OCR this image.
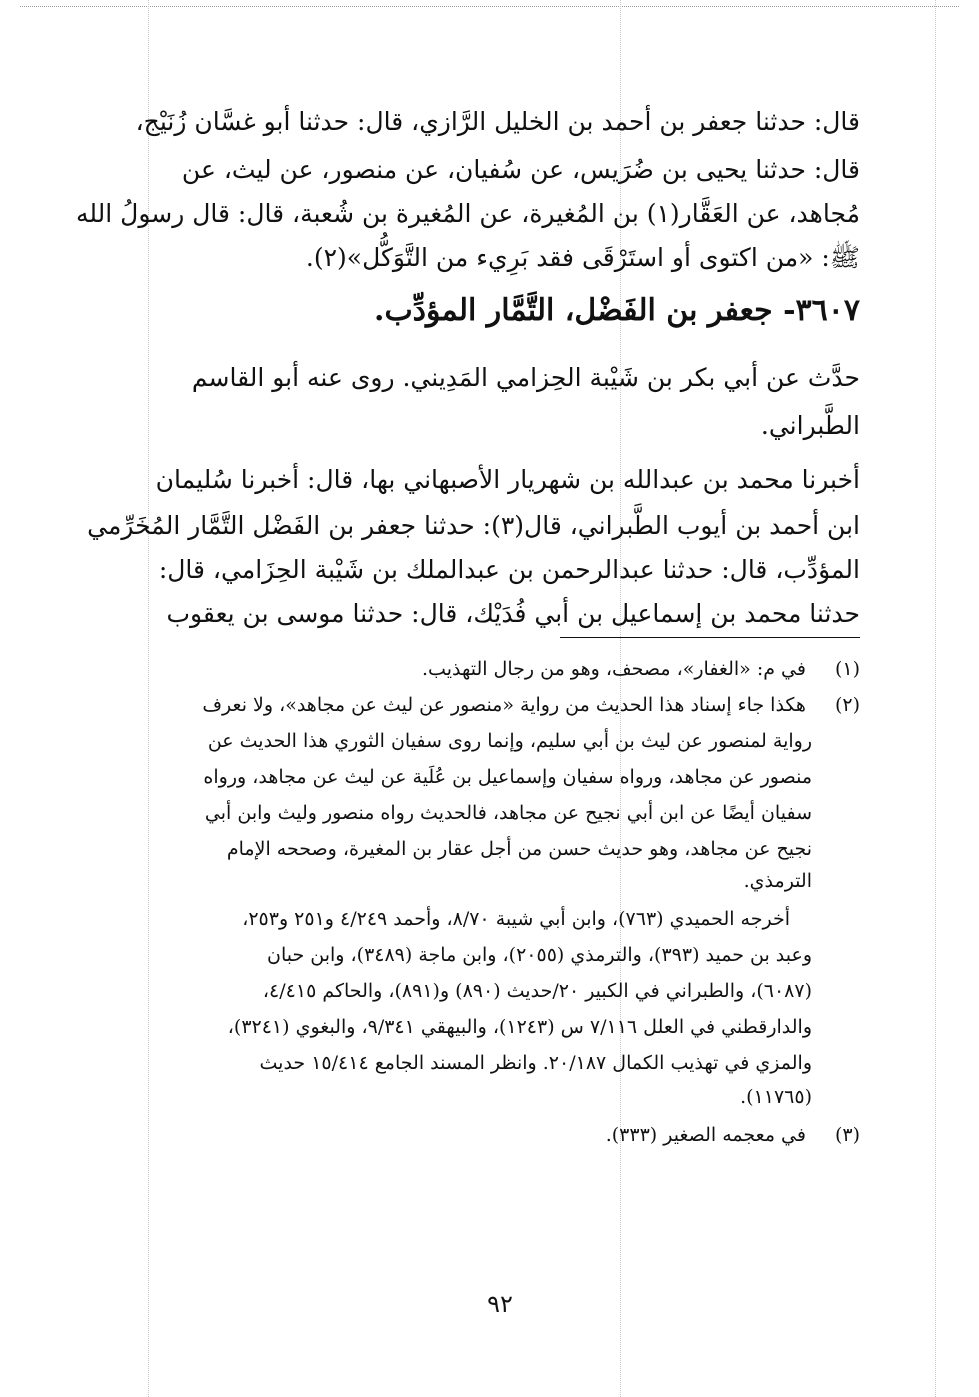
قال: حدثنا جعفر بن أحمد بن الخليل الرَّازي، قال: حدثنا أبو غسَّان زُنَيْج،
قال: حدثنا يحيى بن ضُرَيس، عن سُفيان، عن منصور، عن ليث، عن
مُجاهد، عن العَقَّار(١) بن المُغيرة، عن المُغيرة بن شُعبة، قال: قال رسولُ الله
ﷺ: «من اكتوى أو استَرْقَى فقد بَرِيء من التَّوَكُّل»(٢).
٣٦٠٧- جعفر بن الفَضْل، التَّمَّار المؤدِّب.
حدَّث عن أبي بكر بن شَيْبة الحِزامي المَدِيني. روى عنه أبو القاسم
الطَّبراني.
أخبرنا محمد بن عبدالله بن شهريار الأصبهاني بها، قال: أخبرنا سُليمان
ابن أحمد بن أيوب الطَّبراني، قال(٣): حدثنا جعفر بن الفَضْل التَّمَّار المُخَرِّمي
المؤدِّب، قال: حدثنا عبدالرحمن بن عبدالملك بن شَيْبة الحِزَامي، قال:
حدثنا محمد بن إسماعيل بن أبي فُدَيْك، قال: حدثنا موسى بن يعقوب
(١) في م: «الغفار»، مصحف، وهو من رجال التهذيب.
(٢) هكذا جاء إسناد هذا الحديث من رواية «منصور عن ليث عن مجاهد»، ولا نعرف
رواية لمنصور عن ليث بن أبي سليم، وإنما روى سفيان الثوري هذا الحديث عن
منصور عن مجاهد، ورواه سفيان وإسماعيل بن عُلَية عن ليث عن مجاهد، ورواه
سفيان أيضًا عن ابن أبي نجيح عن مجاهد، فالحديث رواه منصور وليث وابن أبي
نجيح عن مجاهد، وهو حديث حسن من أجل عقار بن المغيرة، وصححه الإمام
الترمذي.
أخرجه الحميدي (٧٦٣)، وابن أبي شيبة ٨/٧٠، وأحمد ٤/٢٤٩ و٢٥١ و٢٥٣،
وعبد بن حميد (٣٩٣)، والترمذي (٢٠٥٥)، وابن ماجة (٣٤٨٩)، وابن حبان
(٦٠٨٧)، والطبراني في الكبير ٢٠/حديث (٨٩٠) و(٨٩١)، والحاكم ٤/٤١٥،
والدارقطني في العلل ٧/١١٦ س (١٢٤٣)، والبيهقي ٩/٣٤١، والبغوي (٣٢٤١)،
والمزي في تهذيب الكمال ٢٠/١٨٧. وانظر المسند الجامع ١٥/٤١٤ حديث
(١١٧٦٥).
(٣) في معجمه الصغير (٣٣٣).
٩٢
